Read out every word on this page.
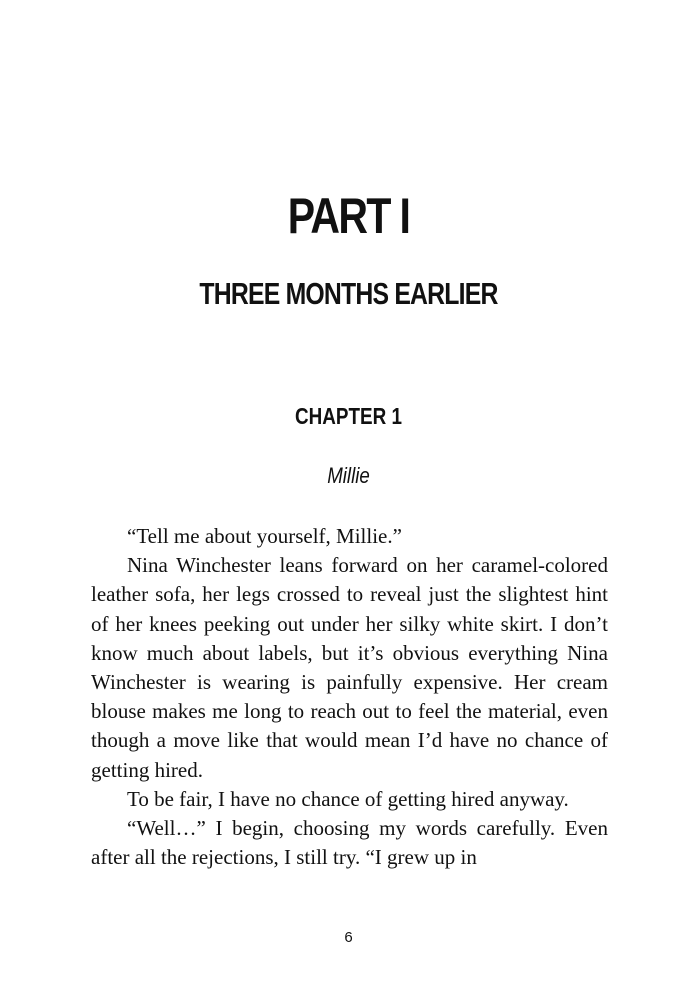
PART I
THREE MONTHS EARLIER
CHAPTER 1
Millie

“Tell me about yourself, Millie.”

Nina Winchester leans forward on her caramel-colored leather sofa, her legs crossed to reveal just the slightest hint of her knees peeking out under her silky white skirt. I don’t know much about labels, but it’s obvious everything Nina Winchester is wearing is painfully expensive. Her cream blouse makes me long to reach out to feel the material, even though a move like that would mean I’d have no chance of getting hired.

To be fair, I have no chance of getting hired anyway.

“Well…” I begin, choosing my words carefully. Even after all the rejections, I still try. “I grew up in

6
